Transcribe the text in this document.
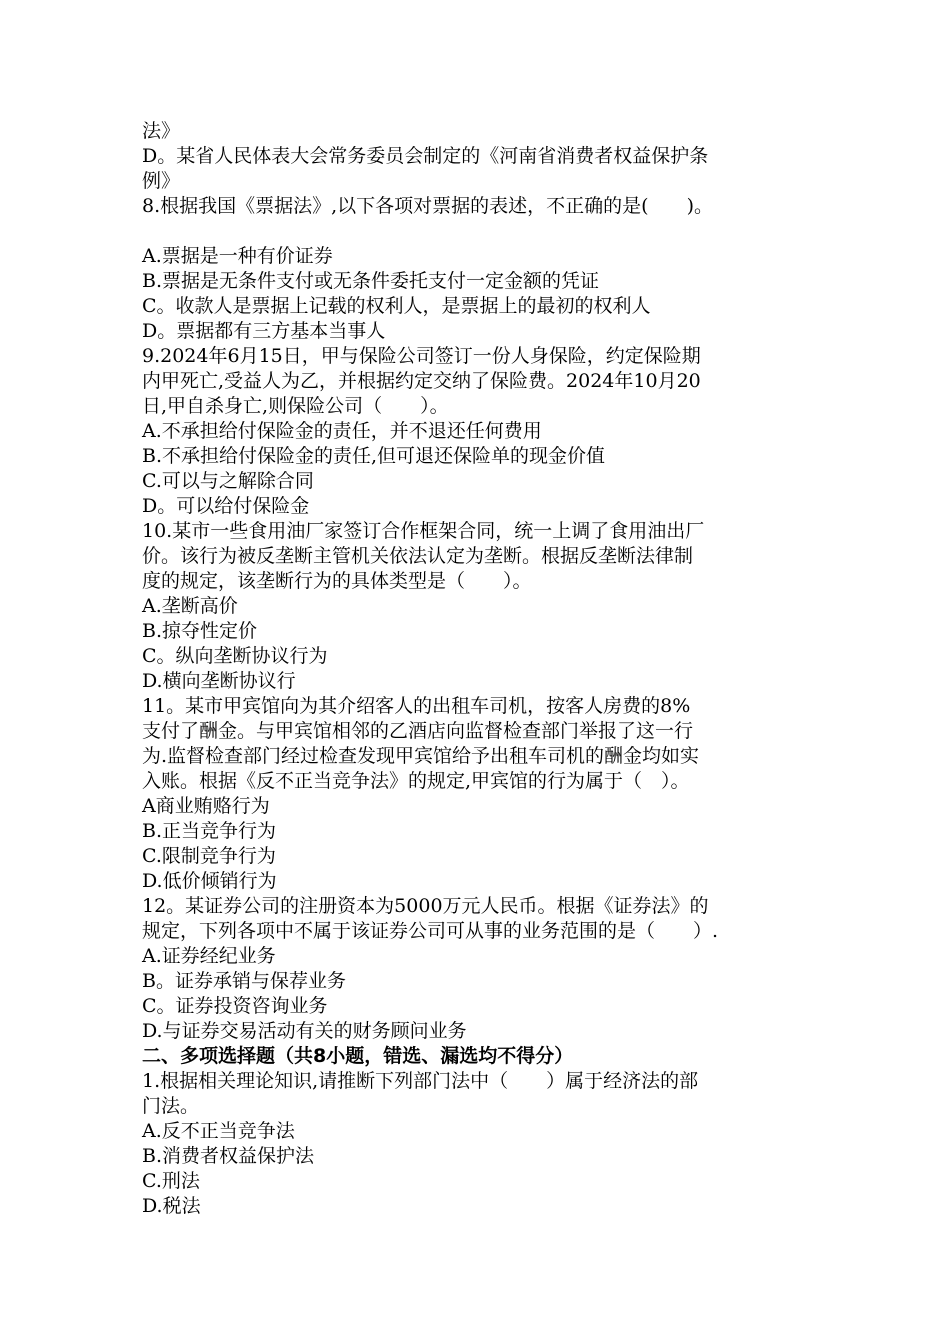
法》
D。某省人民体表大会常务委员会制定的《河南省消费者权益保护条
例》
8.根据我国《票据法》,以下各项对票据的表述，不正确的是(　　)。
A.票据是一种有价证券
B.票据是无条件支付或无条件委托支付一定金额的凭证
C。收款人是票据上记载的权利人，是票据上的最初的权利人
D。票据都有三方基本当事人
9.2024年6月15日，甲与保险公司签订一份人身保险，约定保险期
内甲死亡,受益人为乙，并根据约定交纳了保险费。2024年10月20
日,甲自杀身亡,则保险公司（　　）。
A.不承担给付保险金的责任，并不退还任何费用
B.不承担给付保险金的责任,但可退还保险单的现金价值
C.可以与之解除合同
D。可以给付保险金
10.某市一些食用油厂家签订合作框架合同，统一上调了食用油出厂
价。该行为被反垄断主管机关依法认定为垄断。根据反垄断法律制
度的规定，该垄断行为的具体类型是（　　）。
A.垄断高价
B.掠夺性定价
C。纵向垄断协议行为
D.横向垄断协议行
11。某市甲宾馆向为其介绍客人的出租车司机，按客人房费的8%
支付了酬金。与甲宾馆相邻的乙酒店向监督检查部门举报了这一行
为.监督检查部门经过检查发现甲宾馆给予出租车司机的酬金均如实
入账。根据《反不正当竞争法》的规定,甲宾馆的行为属于（　）。
A商业贿赂行为
B.正当竞争行为
C.限制竞争行为
D.低价倾销行为
12。某证券公司的注册资本为5000万元人民币。根据《证券法》的
规定，下列各项中不属于该证券公司可从事的业务范围的是（　　）.
A.证券经纪业务
B。证券承销与保荐业务
C。证券投资咨询业务
D.与证券交易活动有关的财务顾问业务
二、多项选择题（共8小题，错选、漏选均不得分）
1.根据相关理论知识,请推断下列部门法中（　　）属于经济法的部
门法。
A.反不正当竞争法
B.消费者权益保护法
C.刑法
D.税法
